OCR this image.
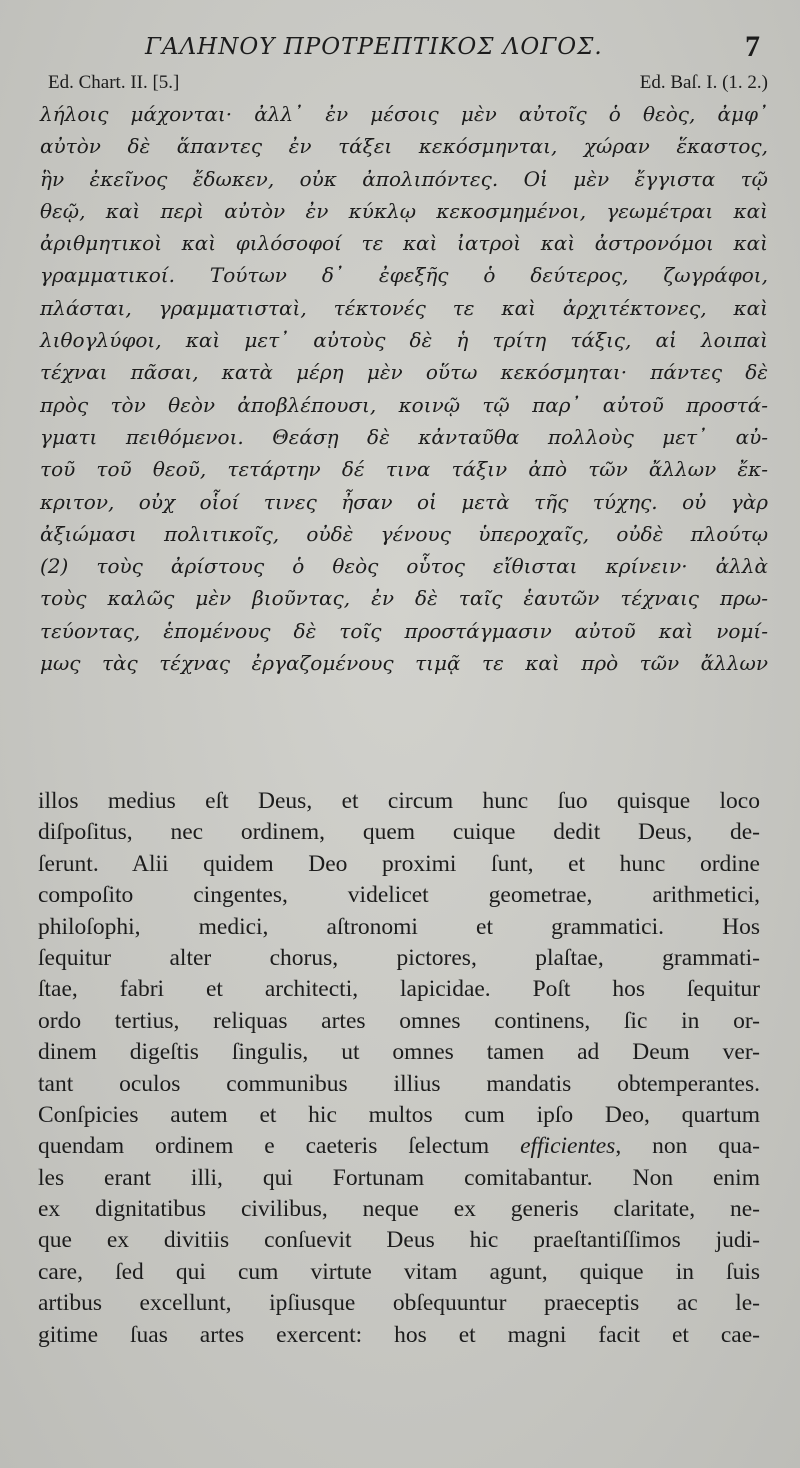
ΓΑΛΗΝΟΥ ΠΡΟΤΡΕΠΤΙΚΟΣ ΛΟΓΟΣ.	7
Ed. Chart. II. [5.]	Ed. Baſ. I. (1. 2.)
λήλοις μάχονται· ἀλλ᾽ ἐν μέσοις μὲν αὐτοῖς ὁ θεὸς, ἀμφ᾽
αὐτὸν δὲ ἅπαντες ἐν τάξει κεκόσμηνται, χώραν ἕκαστος,
ἣν ἐκεῖνος ἔδωκεν, οὐκ ἀπολιπόντες. Οἱ μὲν ἔγγιστα τῷ
θεῷ, καὶ περὶ αὐτὸν ἐν κύκλῳ κεκοσμημένοι, γεωμέτραι καὶ
ἀριθμητικοὶ καὶ φιλόσοφοί τε καὶ ἰατροὶ καὶ ἀστρονόμοι καὶ
γραμματικοί. Τούτων δ᾽ ἐφεξῆς ὁ δεύτερος, ζωγράφοι,
πλάσται, γραμματισταὶ, τέκτονές τε καὶ ἀρχιτέκτονες, καὶ
λιθογλύφοι, καὶ μετ᾽ αὐτοὺς δὲ ἡ τρίτη τάξις, αἱ λοιπαὶ
τέχναι πᾶσαι, κατὰ μέρη μὲν οὕτω κεκόσμηται· πάντες δὲ
πρὸς τὸν θεὸν ἀποβλέπουσι, κοινῷ τῷ παρ᾽ αὐτοῦ προστά-
γματι πειθόμενοι. Θεάσῃ δὲ κἀνταῦθα πολλοὺς μετ᾽ αὐ-
τοῦ τοῦ θεοῦ, τετάρτην δέ τινα τάξιν ἀπὸ τῶν ἄλλων ἔκ-
κριτον, οὐχ οἷοί τινες ἦσαν οἱ μετὰ τῆς τύχης. οὐ γὰρ
ἀξιώμασι πολιτικοῖς, οὐδὲ γένους ὑπεροχαῖς, οὐδὲ πλούτῳ
(2) τοὺς ἀρίστους ὁ θεὸς οὗτος εἴθισται κρίνειν· ἀλλὰ
τοὺς καλῶς μὲν βιοῦντας, ἐν δὲ ταῖς ἑαυτῶν τέχναις πρω-
τεύοντας, ἑπομένους δὲ τοῖς προστάγμασιν αὐτοῦ καὶ νομί-
μως τὰς τέχνας ἐργαζομένους τιμᾷ τε καὶ πρὸ τῶν ἄλλων
illos medius eſt Deus, et circum hunc ſuo quisque loco
diſpoſitus, nec ordinem, quem cuique dedit Deus, de-
ſerunt. Alii quidem Deo proximi ſunt, et hunc ordine
compoſito cingentes, videlicet geometrae, arithmetici,
philoſophi, medici, aſtronomi et grammatici. Hos
ſequitur alter chorus, pictores, plaſtae, grammati-
ſtae, fabri et architecti, lapicidae. Poſt hos ſequitur
ordo tertius, reliquas artes omnes continens, ſic in or-
dinem digeſtis ſingulis, ut omnes tamen ad Deum ver-
tant oculos communibus illius mandatis obtemperantes.
Conſpicies autem et hic multos cum ipſo Deo, quartum
quendam ordinem e caeteris ſelectum efficientes, non qua-
les erant illi, qui Fortunam comitabantur. Non enim
ex dignitatibus civilibus, neque ex generis claritate, ne-
que ex divitiis conſuevit Deus hic praeſtantiſſimos judi-
care, ſed qui cum virtute vitam agunt, quique in ſuis
artibus excellunt, ipſiusque obſequuntur praeceptis ac le-
gitime ſuas artes exercent: hos et magni facit et cae-
